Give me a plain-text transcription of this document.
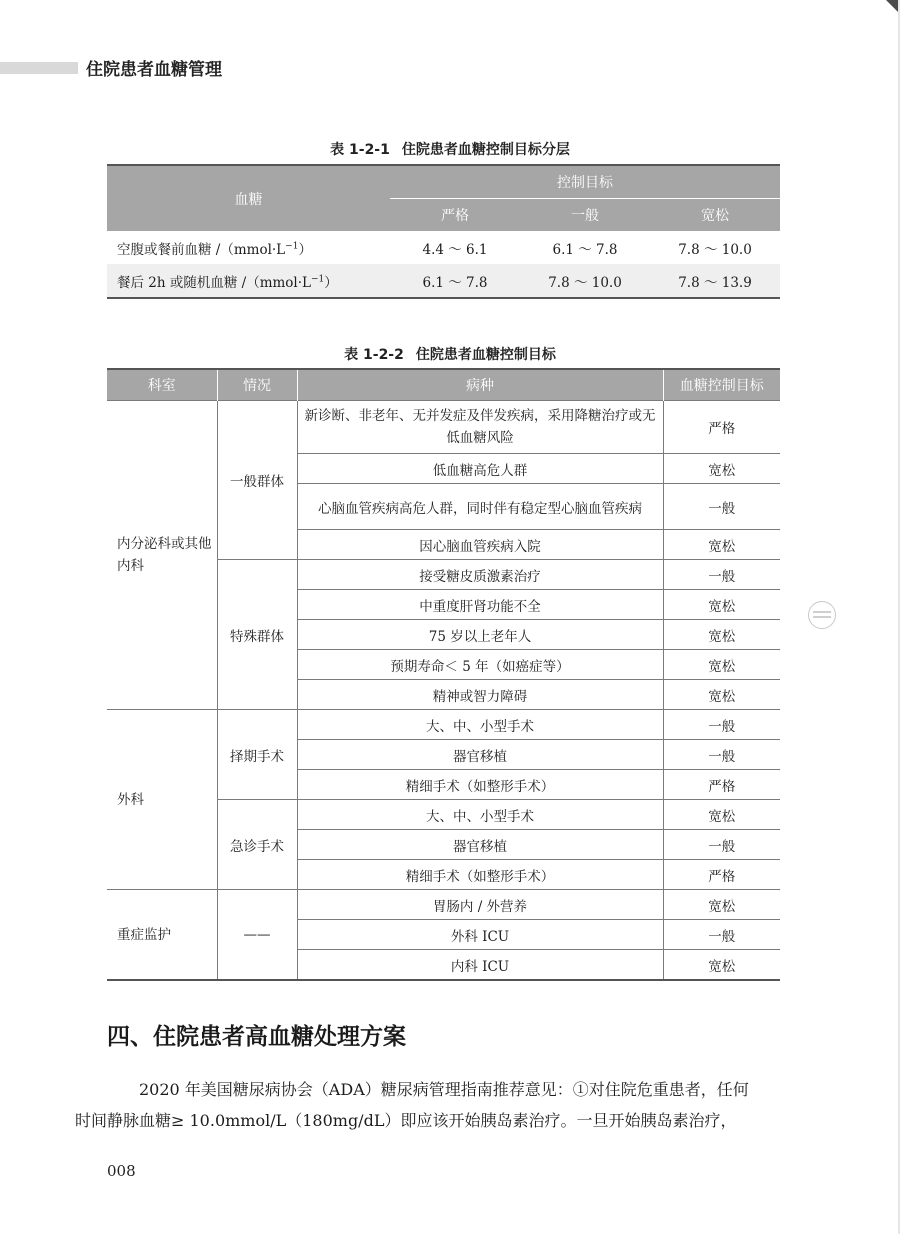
住院患者血糖管理
表 1-2-1 住院患者血糖控制目标分层
血糖	控制目标		
	严格	一般	宽松
空腹或餐前血糖 $/(mmol\cdot L^{-1})$	4.4 ～ 6.1	6.1 ～ 7.8	7.8 ～ 10.0
餐后 2h 或随机血糖 $/(mmol\cdot L^{-1})$	6.1 ～ 7.8	7.8 ～ 10.0	7.8 ～ 13.9
表 1-2-2 住院患者血糖控制目标
科室	情况	病种	血糖控制目标
内分泌科或其他内科	一般群体	新诊断、非老年、无并发症及伴发疾病，采用降糖治疗或无低血糖风险	严格
		低血糖高危人群	宽松
		心脑血管疾病高危人群，同时伴有稳定型心脑血管疾病	一般
		因心脑血管疾病入院	宽松
	特殊群体	接受糖皮质激素治疗	一般
		中重度肝肾功能不全	宽松
		75 岁以上老年人	宽松
		预期寿命＜ 5 年（如癌症等）	宽松
		精神或智力障碍	宽松
外科	择期手术	大、中、小型手术	一般
		器官移植	一般
		精细手术（如整形手术）	严格
	急诊手术	大、中、小型手术	宽松
		器官移植	一般
		精细手术（如整形手术）	严格
重症监护	——	胃肠内 / 外营养	宽松
		外科 ICU	一般
		内科 ICU	宽松
四、住院患者高血糖处理方案
2020 年美国糖尿病协会（ADA）糖尿病管理指南推荐意见：①对住院危重患者，任何
时间静脉血糖≥ 10.0mmol/L（180mg/dL）即应该开始胰岛素治疗。一旦开始胰岛素治疗，
008
